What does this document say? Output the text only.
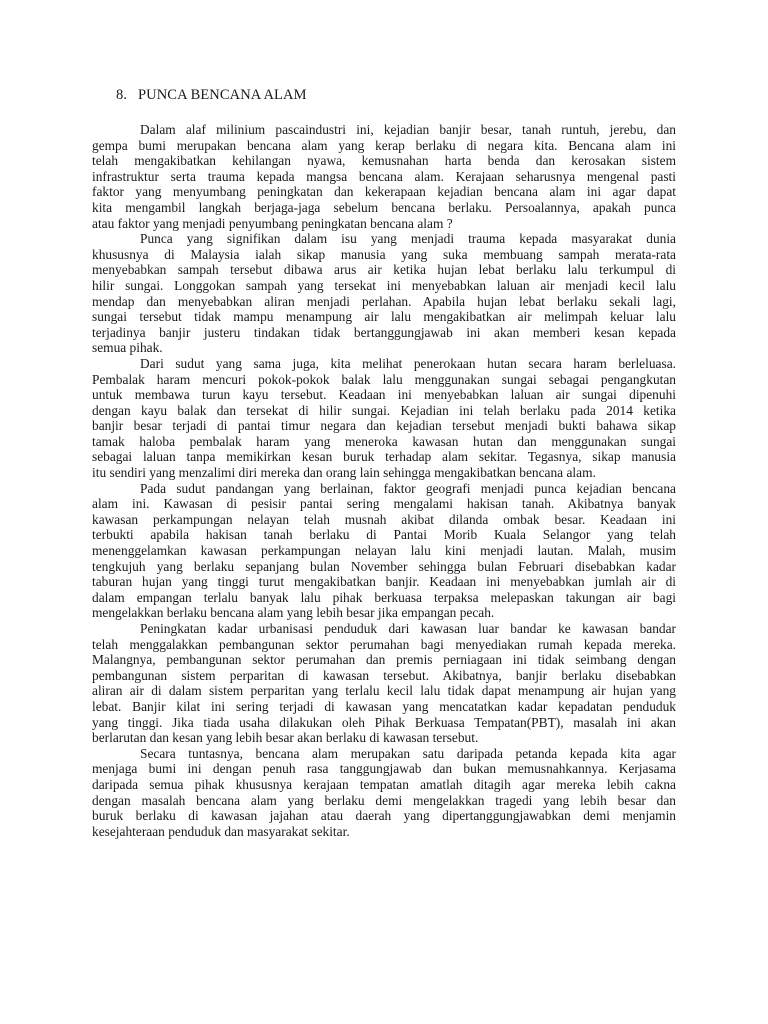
8. PUNCA BENCANA ALAM
Dalam alaf milinium pascaindustri ini, kejadian banjir besar, tanah runtuh, jerebu, dan
gempa bumi merupakan bencana alam yang kerap berlaku di negara kita. Bencana alam ini
telah mengakibatkan kehilangan nyawa, kemusnahan harta benda dan kerosakan sistem
infrastruktur serta trauma kepada mangsa bencana alam. Kerajaan seharusnya mengenal pasti
faktor yang menyumbang peningkatan dan kekerapaan kejadian bencana alam ini agar dapat
kita mengambil langkah berjaga-jaga sebelum bencana berlaku. Persoalannya, apakah punca
atau faktor yang menjadi penyumbang peningkatan bencana alam ?
Punca yang signifikan dalam isu yang menjadi trauma kepada masyarakat dunia
khususnya di Malaysia ialah sikap manusia yang suka membuang sampah merata-rata
menyebabkan sampah tersebut dibawa arus air ketika hujan lebat berlaku lalu terkumpul di
hilir sungai. Longgokan sampah yang tersekat ini menyebabkan laluan air menjadi kecil lalu
mendap dan menyebabkan aliran menjadi perlahan. Apabila hujan lebat berlaku sekali lagi,
sungai tersebut tidak mampu menampung air lalu mengakibatkan air melimpah keluar lalu
terjadinya banjir justeru tindakan tidak bertanggungjawab ini akan memberi kesan kepada
semua pihak.
Dari sudut yang sama juga, kita melihat penerokaan hutan secara haram berleluasa.
Pembalak haram mencuri pokok-pokok balak lalu menggunakan sungai sebagai pengangkutan
untuk membawa turun kayu tersebut. Keadaan ini menyebabkan laluan air sungai dipenuhi
dengan kayu balak dan tersekat di hilir sungai. Kejadian ini telah berlaku pada 2014 ketika
banjir besar terjadi di pantai timur negara dan kejadian tersebut menjadi bukti bahawa sikap
tamak haloba pembalak haram yang meneroka kawasan hutan dan menggunakan sungai
sebagai laluan tanpa memikirkan kesan buruk terhadap alam sekitar. Tegasnya, sikap manusia
itu sendiri yang menzalimi diri mereka dan orang lain sehingga mengakibatkan bencana alam.
Pada sudut pandangan yang berlainan, faktor geografi menjadi punca kejadian bencana
alam ini. Kawasan di pesisir pantai sering mengalami hakisan tanah. Akibatnya banyak
kawasan perkampungan nelayan telah musnah akibat dilanda ombak besar. Keadaan ini
terbukti apabila hakisan tanah berlaku di Pantai Morib Kuala Selangor yang telah
menenggelamkan kawasan perkampungan nelayan lalu kini menjadi lautan. Malah, musim
tengkujuh yang berlaku sepanjang bulan November sehingga bulan Februari disebabkan kadar
taburan hujan yang tinggi turut mengakibatkan banjir. Keadaan ini menyebabkan jumlah air di
dalam empangan terlalu banyak lalu pihak berkuasa terpaksa melepaskan takungan air bagi
mengelakkan berlaku bencana alam yang lebih besar jika empangan pecah.
Peningkatan kadar urbanisasi penduduk dari kawasan luar bandar ke kawasan bandar
telah menggalakkan pembangunan sektor perumahan bagi menyediakan rumah kepada mereka.
Malangnya, pembangunan sektor perumahan dan premis perniagaan ini tidak seimbang dengan
pembangunan sistem perparitan di kawasan tersebut. Akibatnya, banjir berlaku disebabkan
aliran air di dalam sistem perparitan yang terlalu kecil lalu tidak dapat menampung air hujan yang
lebat. Banjir kilat ini sering terjadi di kawasan yang mencatatkan kadar kepadatan penduduk
yang tinggi. Jika tiada usaha dilakukan oleh Pihak Berkuasa Tempatan(PBT), masalah ini akan
berlarutan dan kesan yang lebih besar akan berlaku di kawasan tersebut.
Secara tuntasnya, bencana alam merupakan satu daripada petanda kepada kita agar
menjaga bumi ini dengan penuh rasa tanggungjawab dan bukan memusnahkannya. Kerjasama
daripada semua pihak khususnya kerajaan tempatan amatlah ditagih agar mereka lebih cakna
dengan masalah bencana alam yang berlaku demi mengelakkan tragedi yang lebih besar dan
buruk berlaku di kawasan jajahan atau daerah yang dipertanggungjawabkan demi menjamin
kesejahteraan penduduk dan masyarakat sekitar.
